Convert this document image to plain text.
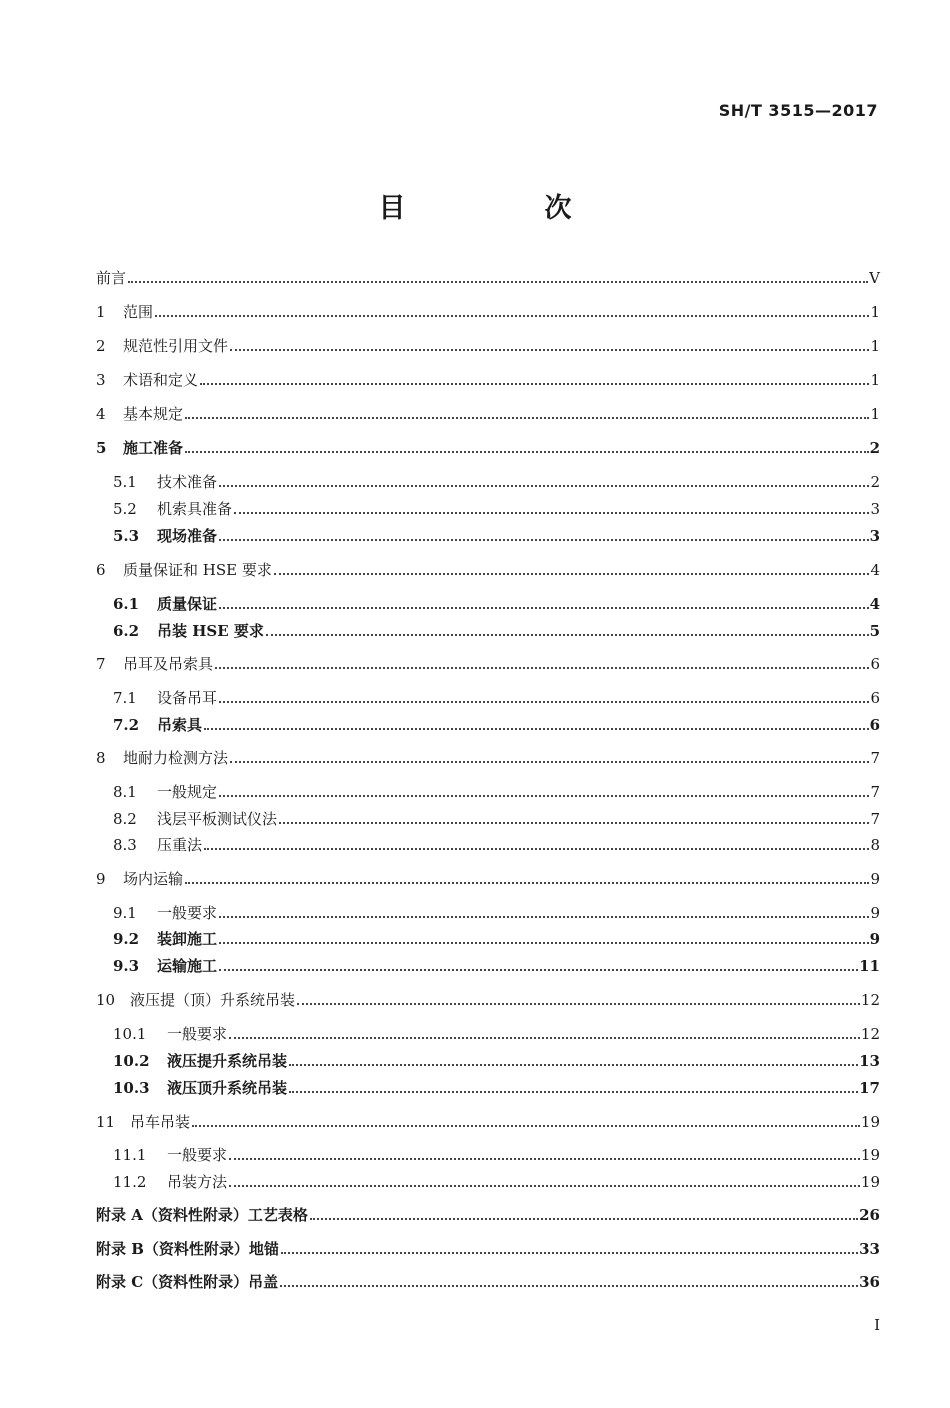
SH/T 3515—2017
目　次
前言	V
1	范围	1
2	规范性引用文件	1
3	术语和定义	1
4	基本规定	1
5	施工准备	2
5.1	技术准备	2
5.2	机索具准备	3
5.3	现场准备	3
6	质量保证和 HSE 要求	4
6.1	质量保证	4
6.2	吊装 HSE 要求	5
7	吊耳及吊索具	6
7.1	设备吊耳	6
7.2	吊索具	6
8	地耐力检测方法	7
8.1	一般规定	7
8.2	浅层平板测试仪法	7
8.3	压重法	8
9	场内运输	9
9.1	一般要求	9
9.2	装卸施工	9
9.3	运输施工	11
10 液压提（顶）升系统吊装	12
10.1	一般要求	12
10.2	液压提升系统吊装	13
10.3	液压顶升系统吊装	17
11 吊车吊装	19
11.1	一般要求	19
11.2	吊装方法	19
附录 A（资料性附录）工艺表格	26
附录 B（资料性附录）地锚	33
附录 C（资料性附录）吊盖	36
I
